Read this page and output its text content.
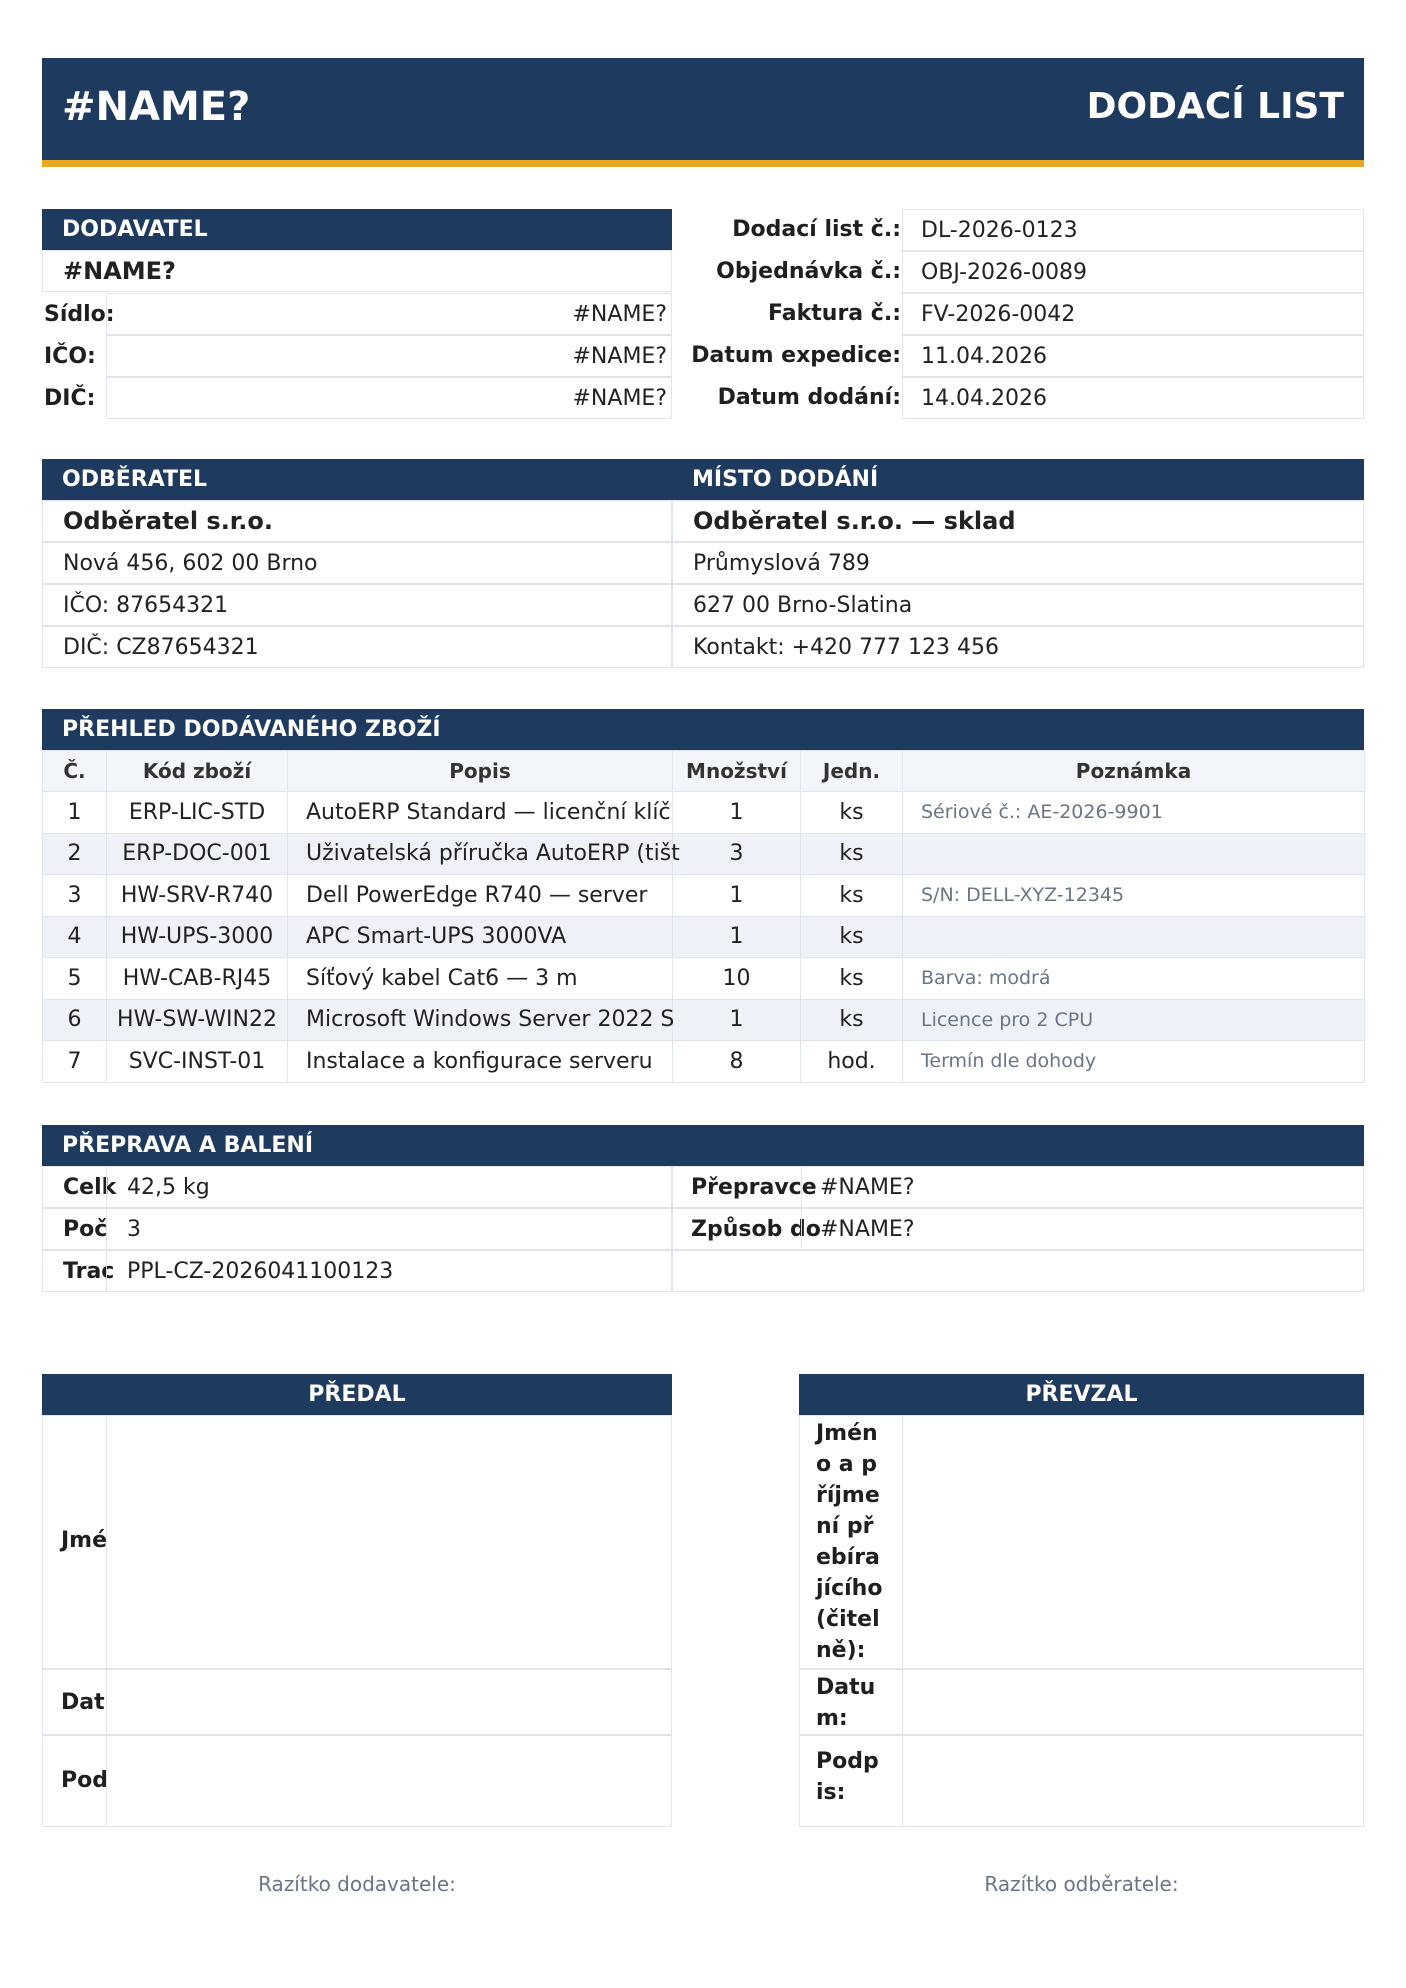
#NAME?	DODACÍ LIST
DODAVATEL
#NAME?
Sídlo:	#NAME?
IČO:	#NAME?
DIČ:	#NAME?
Dodací list č.: DL-2026-0123
Objednávka č.: OBJ-2026-0089
Faktura č.: FV-2026-0042
Datum expedice: 11.04.2026
Datum dodání: 14.04.2026
ODBĚRATEL	MÍSTO DODÁNÍ
Odběratel s.r.o.
Nová 456, 602 00 Brno
IČO: 87654321
DIČ: CZ87654321
Odběratel s.r.o. — sklad
Průmyslová 789
627 00 Brno-Slatina
Kontakt: +420 777 123 456
PŘEHLED DODÁVANÉHO ZBOŽÍ
Č.	Kód zboží	Popis	Množství	Jedn.	Poznámka
1	ERP-LIC-STD	AutoERP Standard — licenční klíč	1	ks	Sériové č.: AE-2026-9901
2	ERP-DOC-001	Uživatelská příručka AutoERP (tišt	3	ks	
3	HW-SRV-R740	Dell PowerEdge R740 — server	1	ks	S/N: DELL-XYZ-12345
4	HW-UPS-3000	APC Smart-UPS 3000VA	1	ks	
5	HW-CAB-RJ45	Síťový kabel Cat6 — 3 m	10	ks	Barva: modrá
6	HW-SW-WIN22	Microsoft Windows Server 2022 S	1	ks	Licence pro 2 CPU
7	SVC-INST-01	Instalace a konfigurace serveru	8	hod.	Termín dle dohody
PŘEPRAVA A BALENÍ
Celk 42,5 kg
Poč 3
Trac PPL-CZ-2026041100123
Přepravce #NAME?
Způsob do #NAME?
PŘEDAL
Jmé
Dat
Pod
Razítko dodavatele:
PŘEVZAL
Jméno a příjmení přebírajícího (čitelně):
Datum:
Podpis:
Razítko odběratele:
